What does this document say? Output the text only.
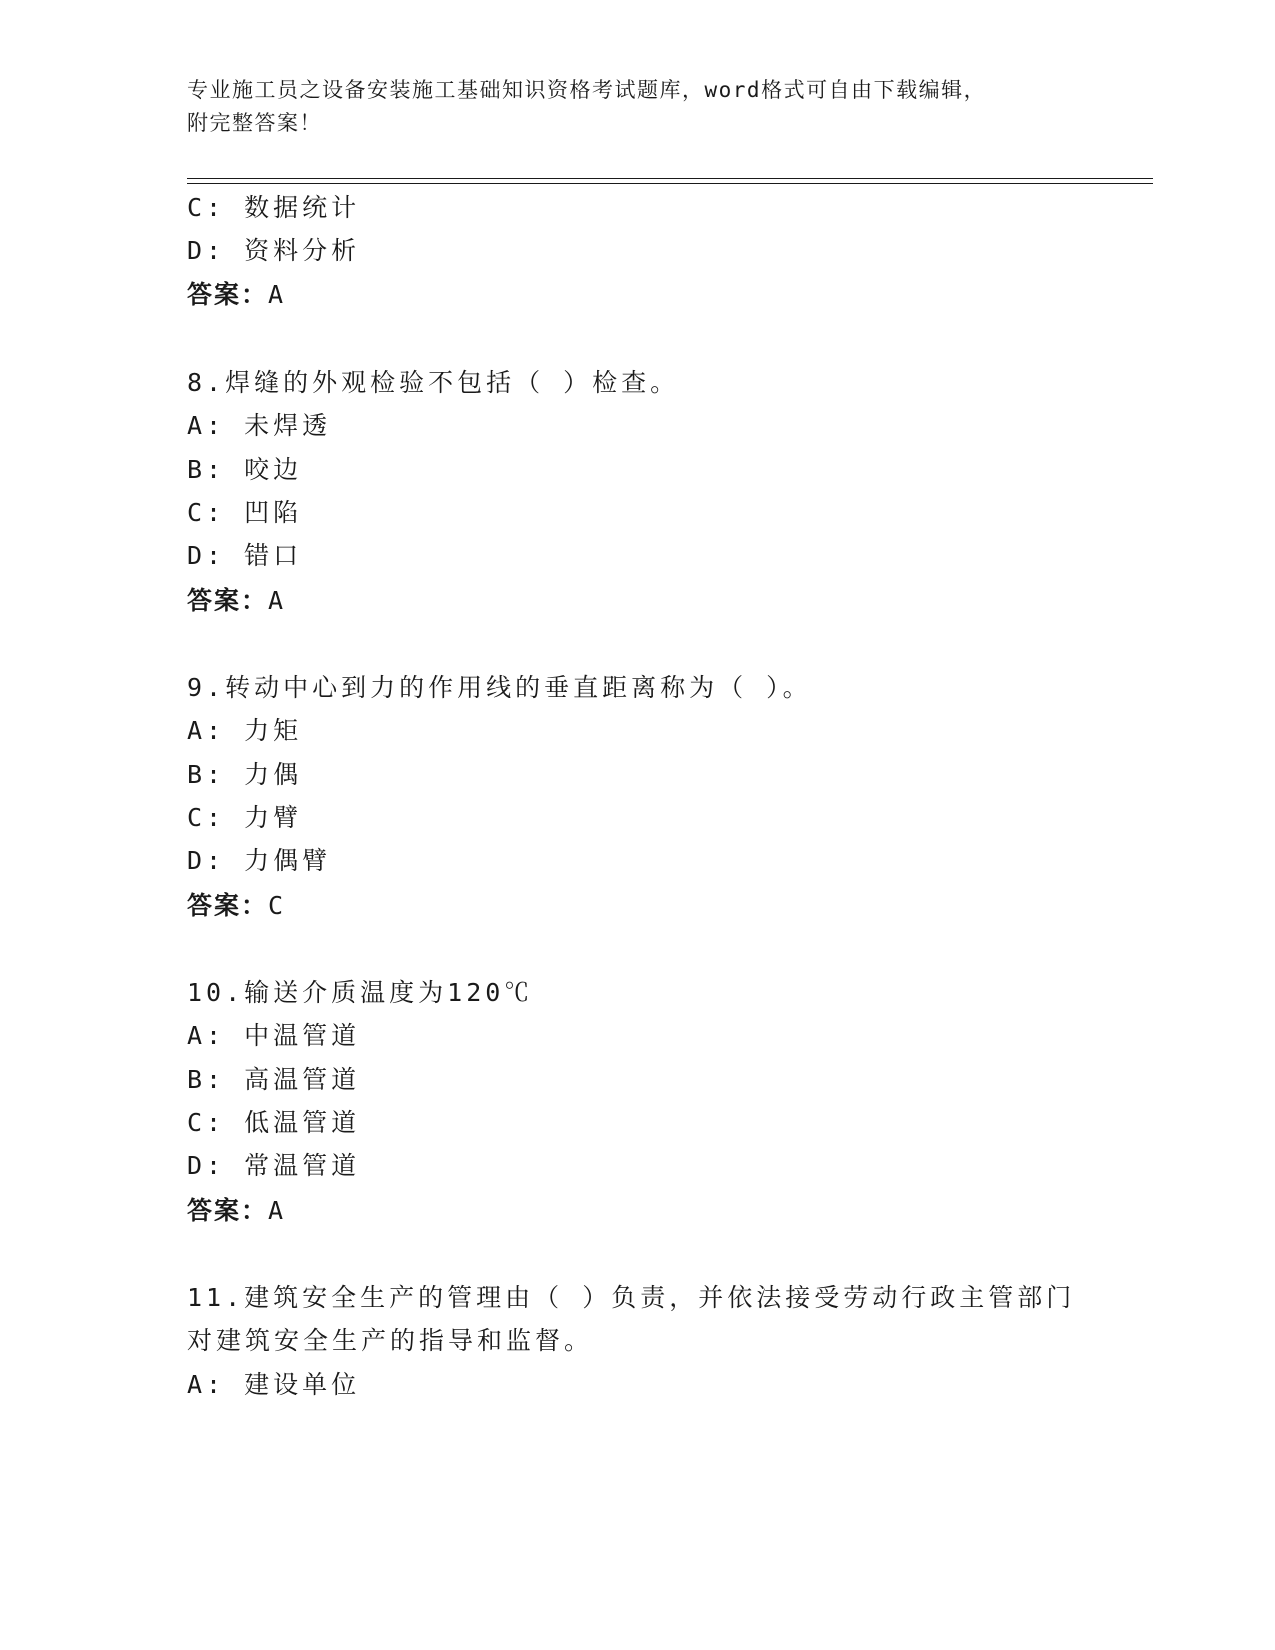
专业施工员之设备安装施工基础知识资格考试题库，word格式可自由下载编辑，
附完整答案！
C: 数据统计
D: 资料分析
答案：A
8.焊缝的外观检验不包括（ ）检查。
A: 未焊透
B: 咬边
C: 凹陷
D: 错口
答案：A
9.转动中心到力的作用线的垂直距离称为（ ）。
A: 力矩
B: 力偶
C: 力臂
D: 力偶臂
答案：C
10.输送介质温度为120℃
A: 中温管道
B: 高温管道
C: 低温管道
D: 常温管道
答案：A
11.建筑安全生产的管理由（ ）负责，并依法接受劳动行政主管部门
对建筑安全生产的指导和监督。
A: 建设单位
